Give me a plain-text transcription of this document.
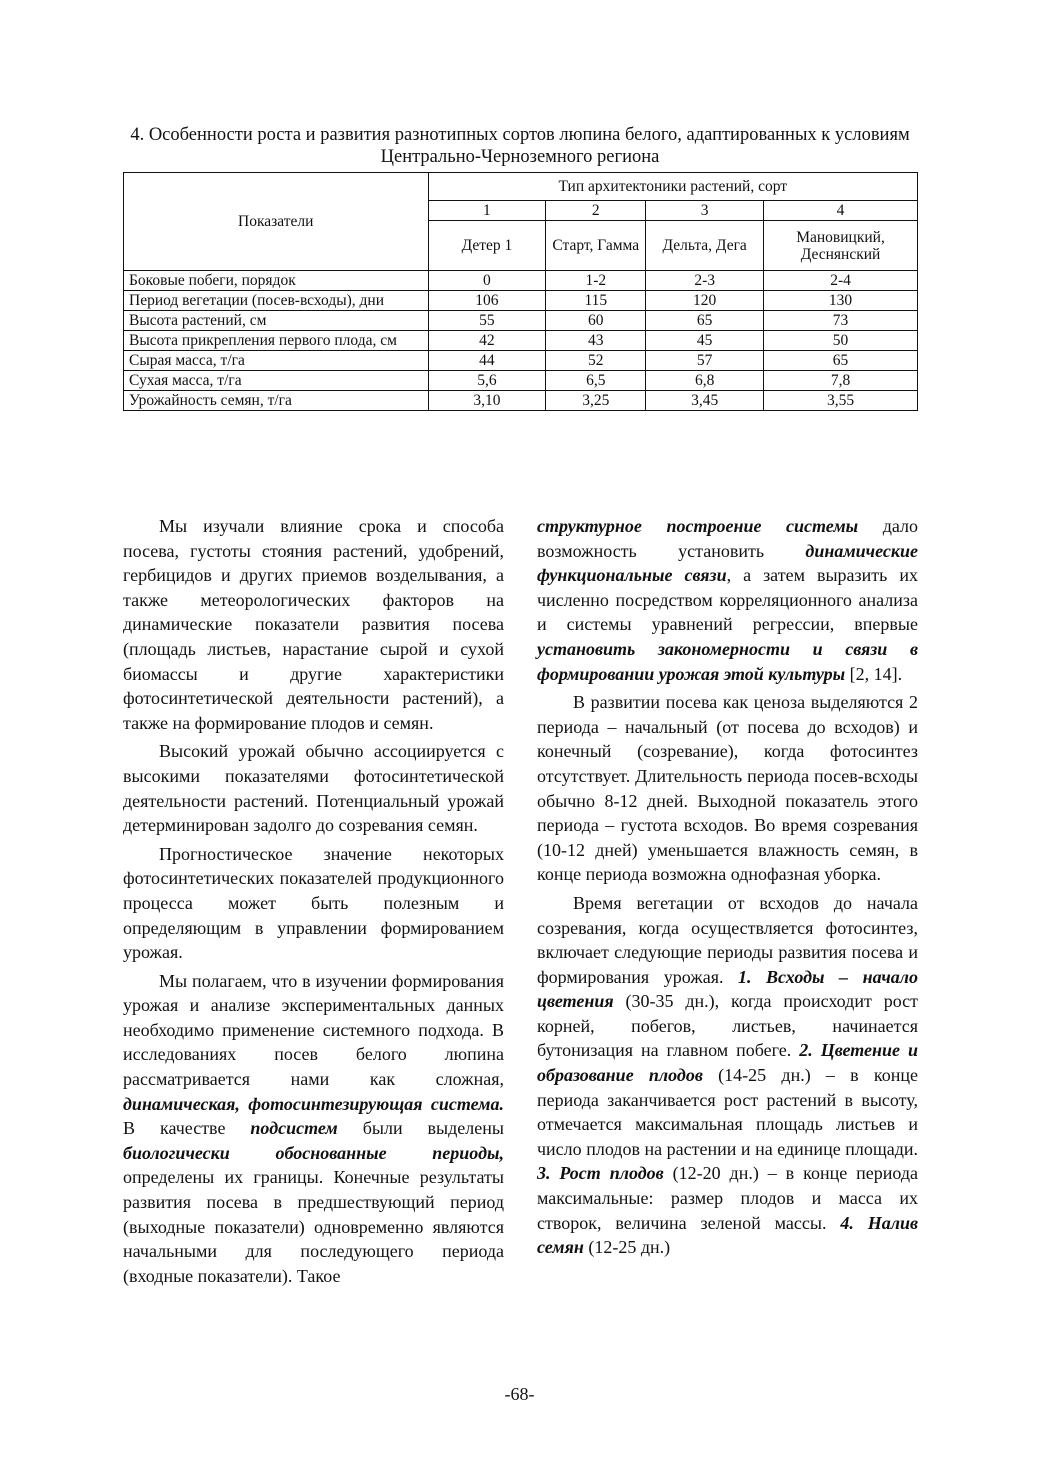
4. Особенности роста и развития разнотипных сортов люпина белого, адаптированных к условиям Центрально-Черноземного региона
Показатели	Тип архитектоники растений, сорт			
	1	2	3	4
	Детер 1	Старт, Гамма	Дельта, Дега	Мановицкий, Деснянский
Боковые побеги, порядок	0	1-2	2-3	2-4
Период вегетации (посев-всходы), дни	106	115	120	130
Высота растений, см	55	60	65	73
Высота прикрепления первого плода, см	42	43	45	50
Сырая масса, т/га	44	52	57	65
Сухая масса, т/га	5,6	6,5	6,8	7,8
Урожайность семян, т/га	3,10	3,25	3,45	3,55

Мы изучали влияние срока и способа посева, густоты стояния растений, удобрений, гербицидов и других приемов возделывания, а также метеорологических факторов на динамические показатели развития посева (площадь листьев, нарастание сырой и сухой биомассы и другие характеристики фотосинтетической деятельности растений), а также на формирование плодов и семян.

Высокий урожай обычно ассоциируется с высокими показателями фотосинтетической деятельности растений. Потенциальный урожай детерминирован задолго до созревания семян.

Прогностическое значение некоторых фотосинтетических показателей продукционного процесса может быть полезным и определяющим в управлении формированием урожая.

Мы полагаем, что в изучении формирования урожая и анализе экспериментальных данных необходимо применение системного подхода. В исследованиях посев белого люпина рассматривается нами как сложная, динамическая, фотосинтезирующая система. В качестве подсистем были выделены биологически обоснованные периоды, определены их границы. Конечные результаты развития посева в предшествующий период (выходные показатели) одновременно являются начальными для последующего периода (входные показатели). Такое

структурное построение системы дало возможность установить динамические функциональные связи, а затем выразить их численно посредством корреляционного анализа и системы уравнений регрессии, впервые установить закономерности и связи в формировании урожая этой культуры [2, 14].

В развитии посева как ценоза выделяются 2 периода – начальный (от посева до всходов) и конечный (созревание), когда фотосинтез отсутствует. Длительность периода посев-всходы обычно 8-12 дней. Выходной показатель этого периода – густота всходов. Во время созревания (10-12 дней) уменьшается влажность семян, в конце периода возможна однофазная уборка.

Время вегетации от всходов до начала созревания, когда осуществляется фотосинтез, включает следующие периоды развития посева и формирования урожая. 1. Всходы – начало цветения (30-35 дн.), когда происходит рост корней, побегов, листьев, начинается бутонизация на главном побеге. 2. Цветение и образование плодов (14-25 дн.) – в конце периода заканчивается рост растений в высоту, отмечается максимальная площадь листьев и число плодов на растении и на единице площади. 3. Рост плодов (12-20 дн.) – в конце периода максимальные: размер плодов и масса их створок, величина зеленой массы. 4. Налив семян (12-25 дн.)

-68-
